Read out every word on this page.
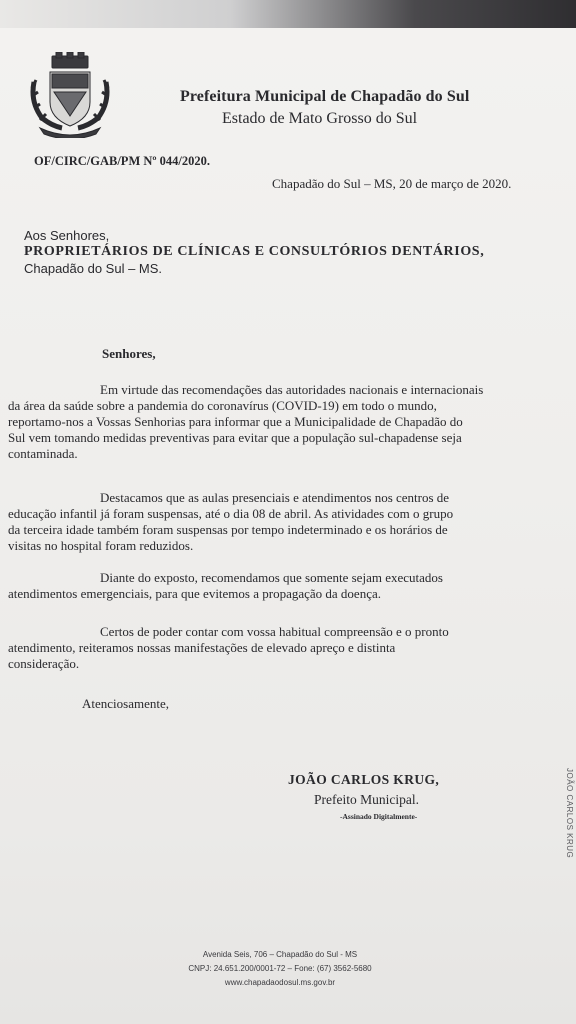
Prefeitura Municipal de Chapadão do Sul
Estado de Mato Grosso do Sul
OF/CIRC/GAB/PM Nº 044/2020.
Chapadão do Sul – MS, 20 de março de 2020.
Aos Senhores,
PROPRIETÁRIOS DE CLÍNICAS E CONSULTÓRIOS DENTÁRIOS,
Chapadão do Sul – MS.
Senhores,
Em virtude das recomendações das autoridades nacionais e internacionais
da área da saúde sobre a pandemia do coronavírus (COVID-19) em todo o mundo,
reportamo-nos a Vossas Senhorias para informar que a Municipalidade de Chapadão do
Sul vem tomando medidas preventivas para evitar que a população sul-chapadense seja
contaminada.
Destacamos que as aulas presenciais e atendimentos nos centros de
educação infantil já foram suspensas, até o dia 08 de abril. As atividades com o grupo
da terceira idade também foram suspensas por tempo indeterminado e os horários de
visitas no hospital foram reduzidos.
Diante do exposto, recomendamos que somente sejam executados
atendimentos emergenciais, para que evitemos a propagação da doença.
Certos de poder contar com vossa habitual compreensão e o pronto
atendimento, reiteramos nossas manifestações de elevado apreço e distinta
consideração.
Atenciosamente,
JOÃO CARLOS KRUG,
Prefeito Municipal.
-Assinado Digitalmente-
Avenida Seis, 706 – Chapadão do Sul - MS
CNPJ: 24.651.200/0001-72 – Fone: (67) 3562-5680
www.chapadaodosul.ms.gov.br
JOÃO CARLOS KRUG
